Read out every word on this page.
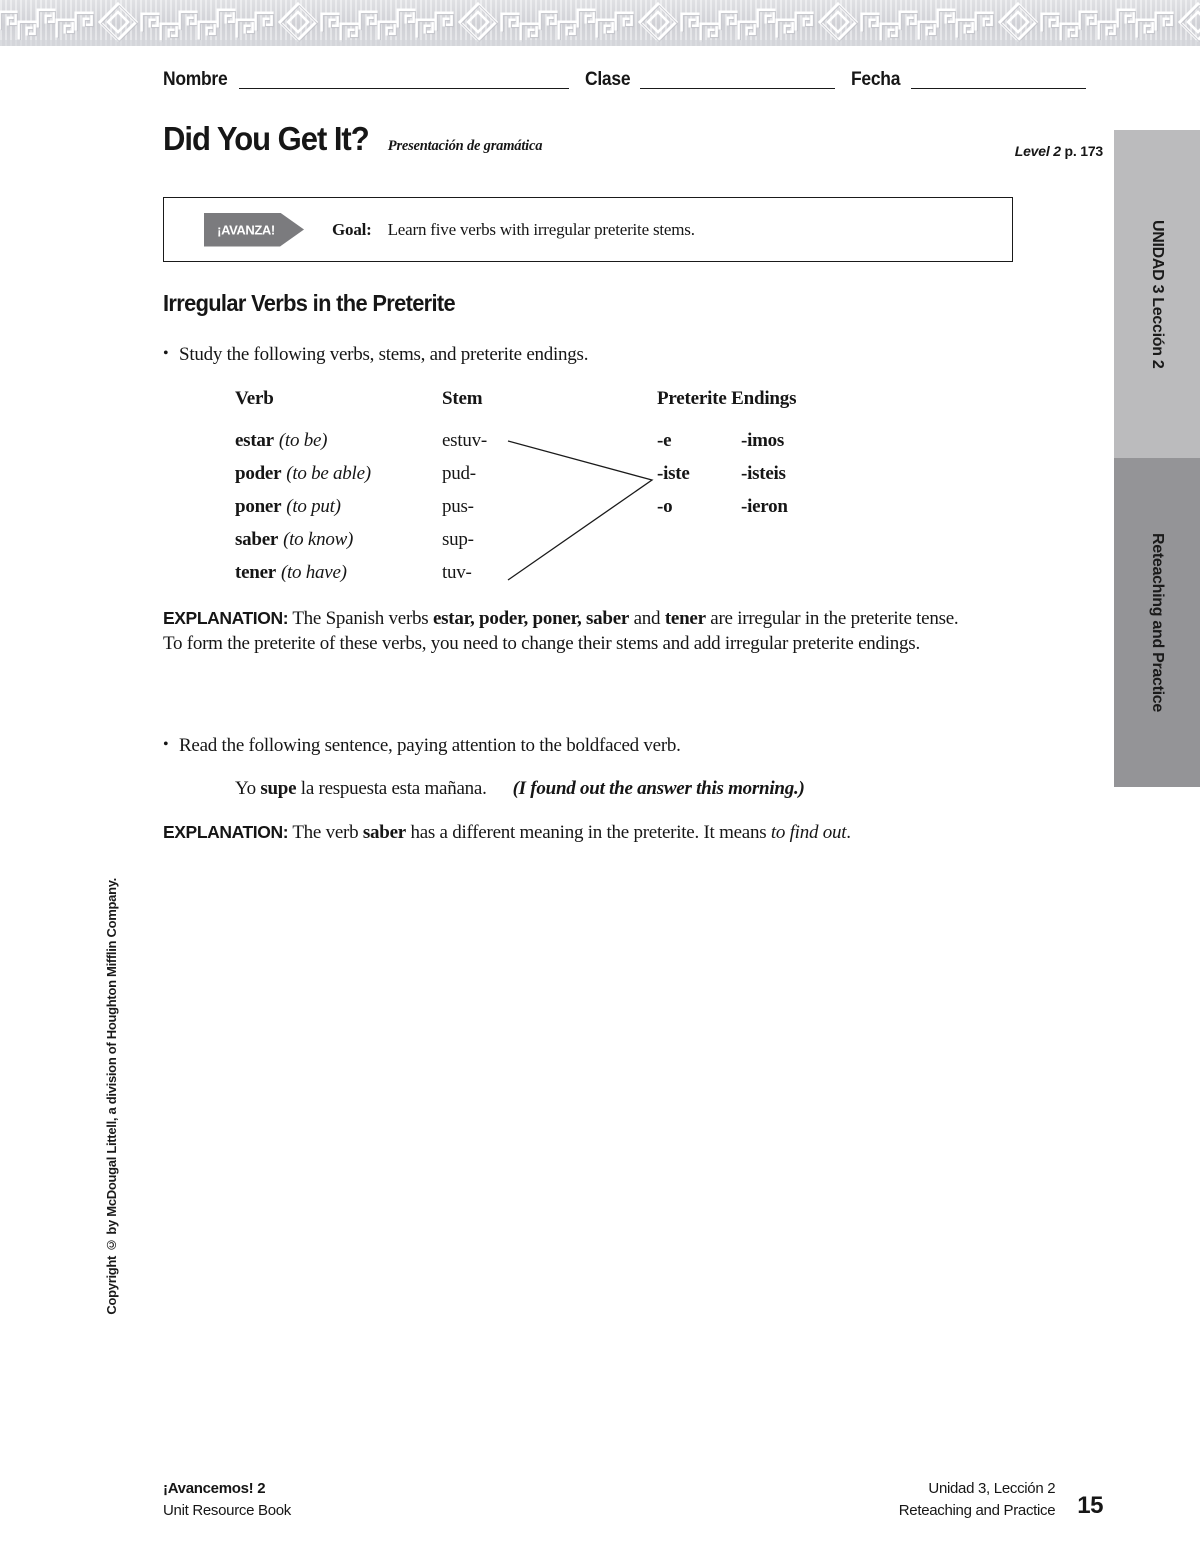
Nombre	Clase	Fecha
Did You Get It? Presentación de gramática	Level 2 p. 173
¡AVANZA!	Goal: Learn five verbs with irregular preterite stems.
Irregular Verbs in the Preterite
• Study the following verbs, stems, and preterite endings.
Verb	Stem	Preterite Endings
estar (to be)	estuv-	-e	-imos
poder (to be able)	pud-	-iste	-isteis
poner (to put)	pus-	-o	-ieron
saber (to know)	sup-
tener (to have)	tuv-
EXPLANATION: The Spanish verbs estar, poder, poner, saber and tener are irregular in the preterite tense. To form the preterite of these verbs, you need to change their stems and add irregular preterite endings.
• Read the following sentence, paying attention to the boldfaced verb.
Yo supe la respuesta esta mañana. (I found out the answer this morning.)
EXPLANATION: The verb saber has a different meaning in the preterite. It means to find out.
UNIDAD 3 Lección 2
Reteaching and Practice
Copyright © by McDougal Littell, a division of Houghton Mifflin Company.
¡Avancemos! 2
Unit Resource Book
Unidad 3, Lección 2
Reteaching and Practice 15
